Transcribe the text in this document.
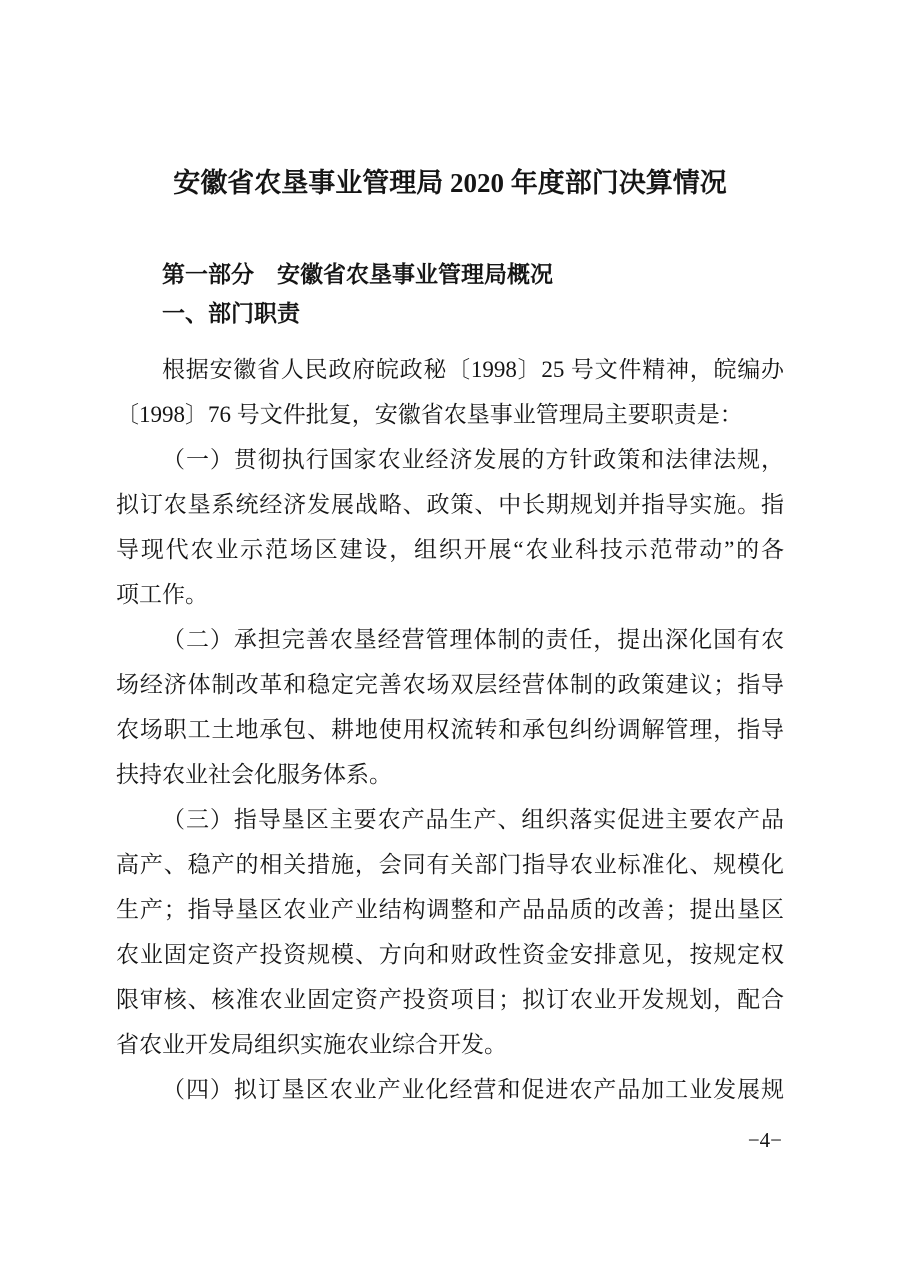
安徽省农垦事业管理局 2020 年度部门决算情况
第一部分　安徽省农垦事业管理局概况
一、部门职责
根据安徽省人民政府皖政秘〔1998〕25 号文件精神，皖编办
〔1998〕76 号文件批复，安徽省农垦事业管理局主要职责是：
（一）贯彻执行国家农业经济发展的方针政策和法律法规，
拟订农垦系统经济发展战略、政策、中长期规划并指导实施。指
导现代农业示范场区建设，组织开展“农业科技示范带动”的各
项工作。
（二）承担完善农垦经营管理体制的责任，提出深化国有农
场经济体制改革和稳定完善农场双层经营体制的政策建议；指导
农场职工土地承包、耕地使用权流转和承包纠纷调解管理，指导
扶持农业社会化服务体系。
（三）指导垦区主要农产品生产、组织落实促进主要农产品
高产、稳产的相关措施，会同有关部门指导农业标准化、规模化
生产；指导垦区农业产业结构调整和产品品质的改善；提出垦区
农业固定资产投资规模、方向和财政性资金安排意见，按规定权
限审核、核准农业固定资产投资项目；拟订农业开发规划，配合
省农业开发局组织实施农业综合开发。
（四）拟订垦区农业产业化经营和促进农产品加工业发展规
−4−
